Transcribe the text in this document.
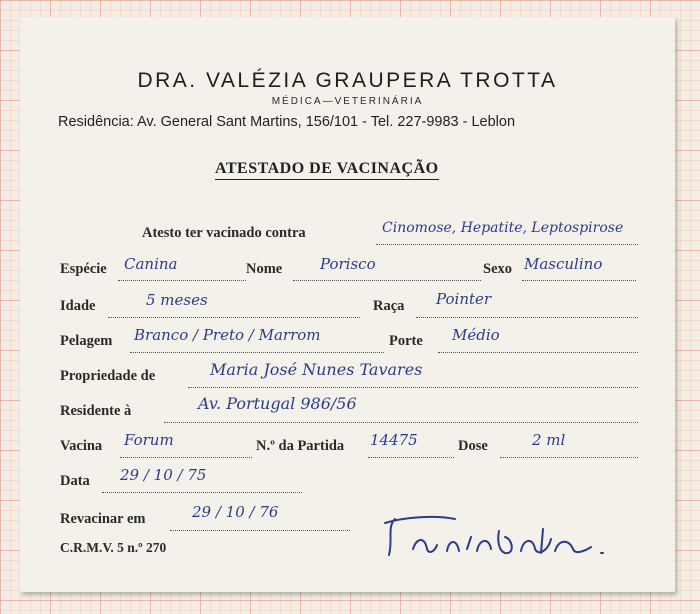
DRA. VALÉZIA GRAUPERA TROTTA
MÉDICA—VETERINÁRIA
Residência: Av. General Sant Martins, 156/101 - Tel. 227-9983 - Leblon
ATESTADO DE VACINAÇÃO
Atesto ter vacinado contra	Cinomose, Hepatite, Leptospirose
Espécie Canina	Nome	Porisco	Sexo Masculino
Idade	5 meses	Raça Pointer
Pelagem Branco / Preto / Marrom	Porte Médio
Propriedade de	Maria José Nunes Tavares
Residente à	Av. Portugal 986/56
Vacina Forum	N.º da Partida 14475	Dose	2 ml
Data 29 / 10 / 75
Revacinar em	29 / 10 / 76
C.R.M.V. 5 n.º 270
